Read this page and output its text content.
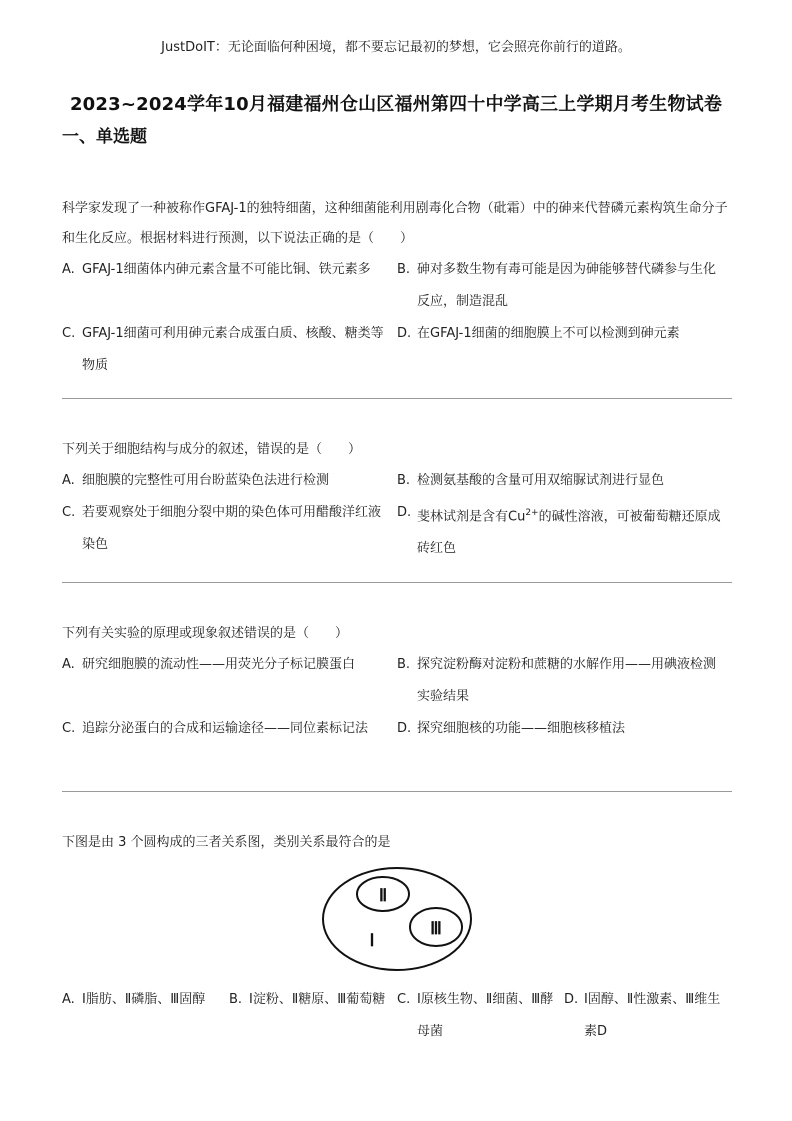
JustDoIT：无论面临何种困境，都不要忘记最初的梦想，它会照亮你前行的道路。
2023~2024学年10月福建福州仓山区福州第四十中学高三上学期月考生物试卷
一、单选题

科学家发现了一种被称作GFAJ-1的独特细菌，这种细菌能利用剧毒化合物（砒霜）中的砷来代替磷元素构筑生命分子和生化反应。根据材料进行预测，以下说法正确的是（　　）

A. GFAJ-1细菌体内砷元素含量不可能比铜、铁元素多	B. 砷对多数生物有毒可能是因为砷能够替代磷参与生化反应，制造混乱
C. GFAJ-1细菌可利用砷元素合成蛋白质、核酸、糖类等物质
D. 在GFAJ-1细菌的细胞膜上不可以检测到砷元素

下列关于细胞结构与成分的叙述，错误的是（　　）

A. 细胞膜的完整性可用台盼蓝染色法进行检测	B. 检测氨基酸的含量可用双缩脲试剂进行显色
C. 若要观察处于细胞分裂中期的染色体可用醋酸洋红液染色
D. 斐林试剂是含有$Cu^{2+}$的碱性溶液，可被葡萄糖还原成砖红色

下列有关实验的原理或现象叙述错误的是（　　）

A. 研究细胞膜的流动性——用荧光分子标记膜蛋白	B. 探究淀粉酶对淀粉和蔗糖的水解作用——用碘液检测实验结果
C. 追踪分泌蛋白的合成和运输途径——同位素标记法	D. 探究细胞核的功能——细胞核移植法

下图是由 3 个圆构成的三者关系图，类别关系最符合的是

Ⅱ
Ⅲ
Ⅰ
A. Ⅰ脂肪、Ⅱ磷脂、Ⅲ固醇	B. Ⅰ淀粉、Ⅱ糖原、Ⅲ葡萄糖 C. Ⅰ原核生物、Ⅱ细菌、Ⅲ酵母菌
D. Ⅰ固醇、Ⅱ性激素、Ⅲ维生素D
